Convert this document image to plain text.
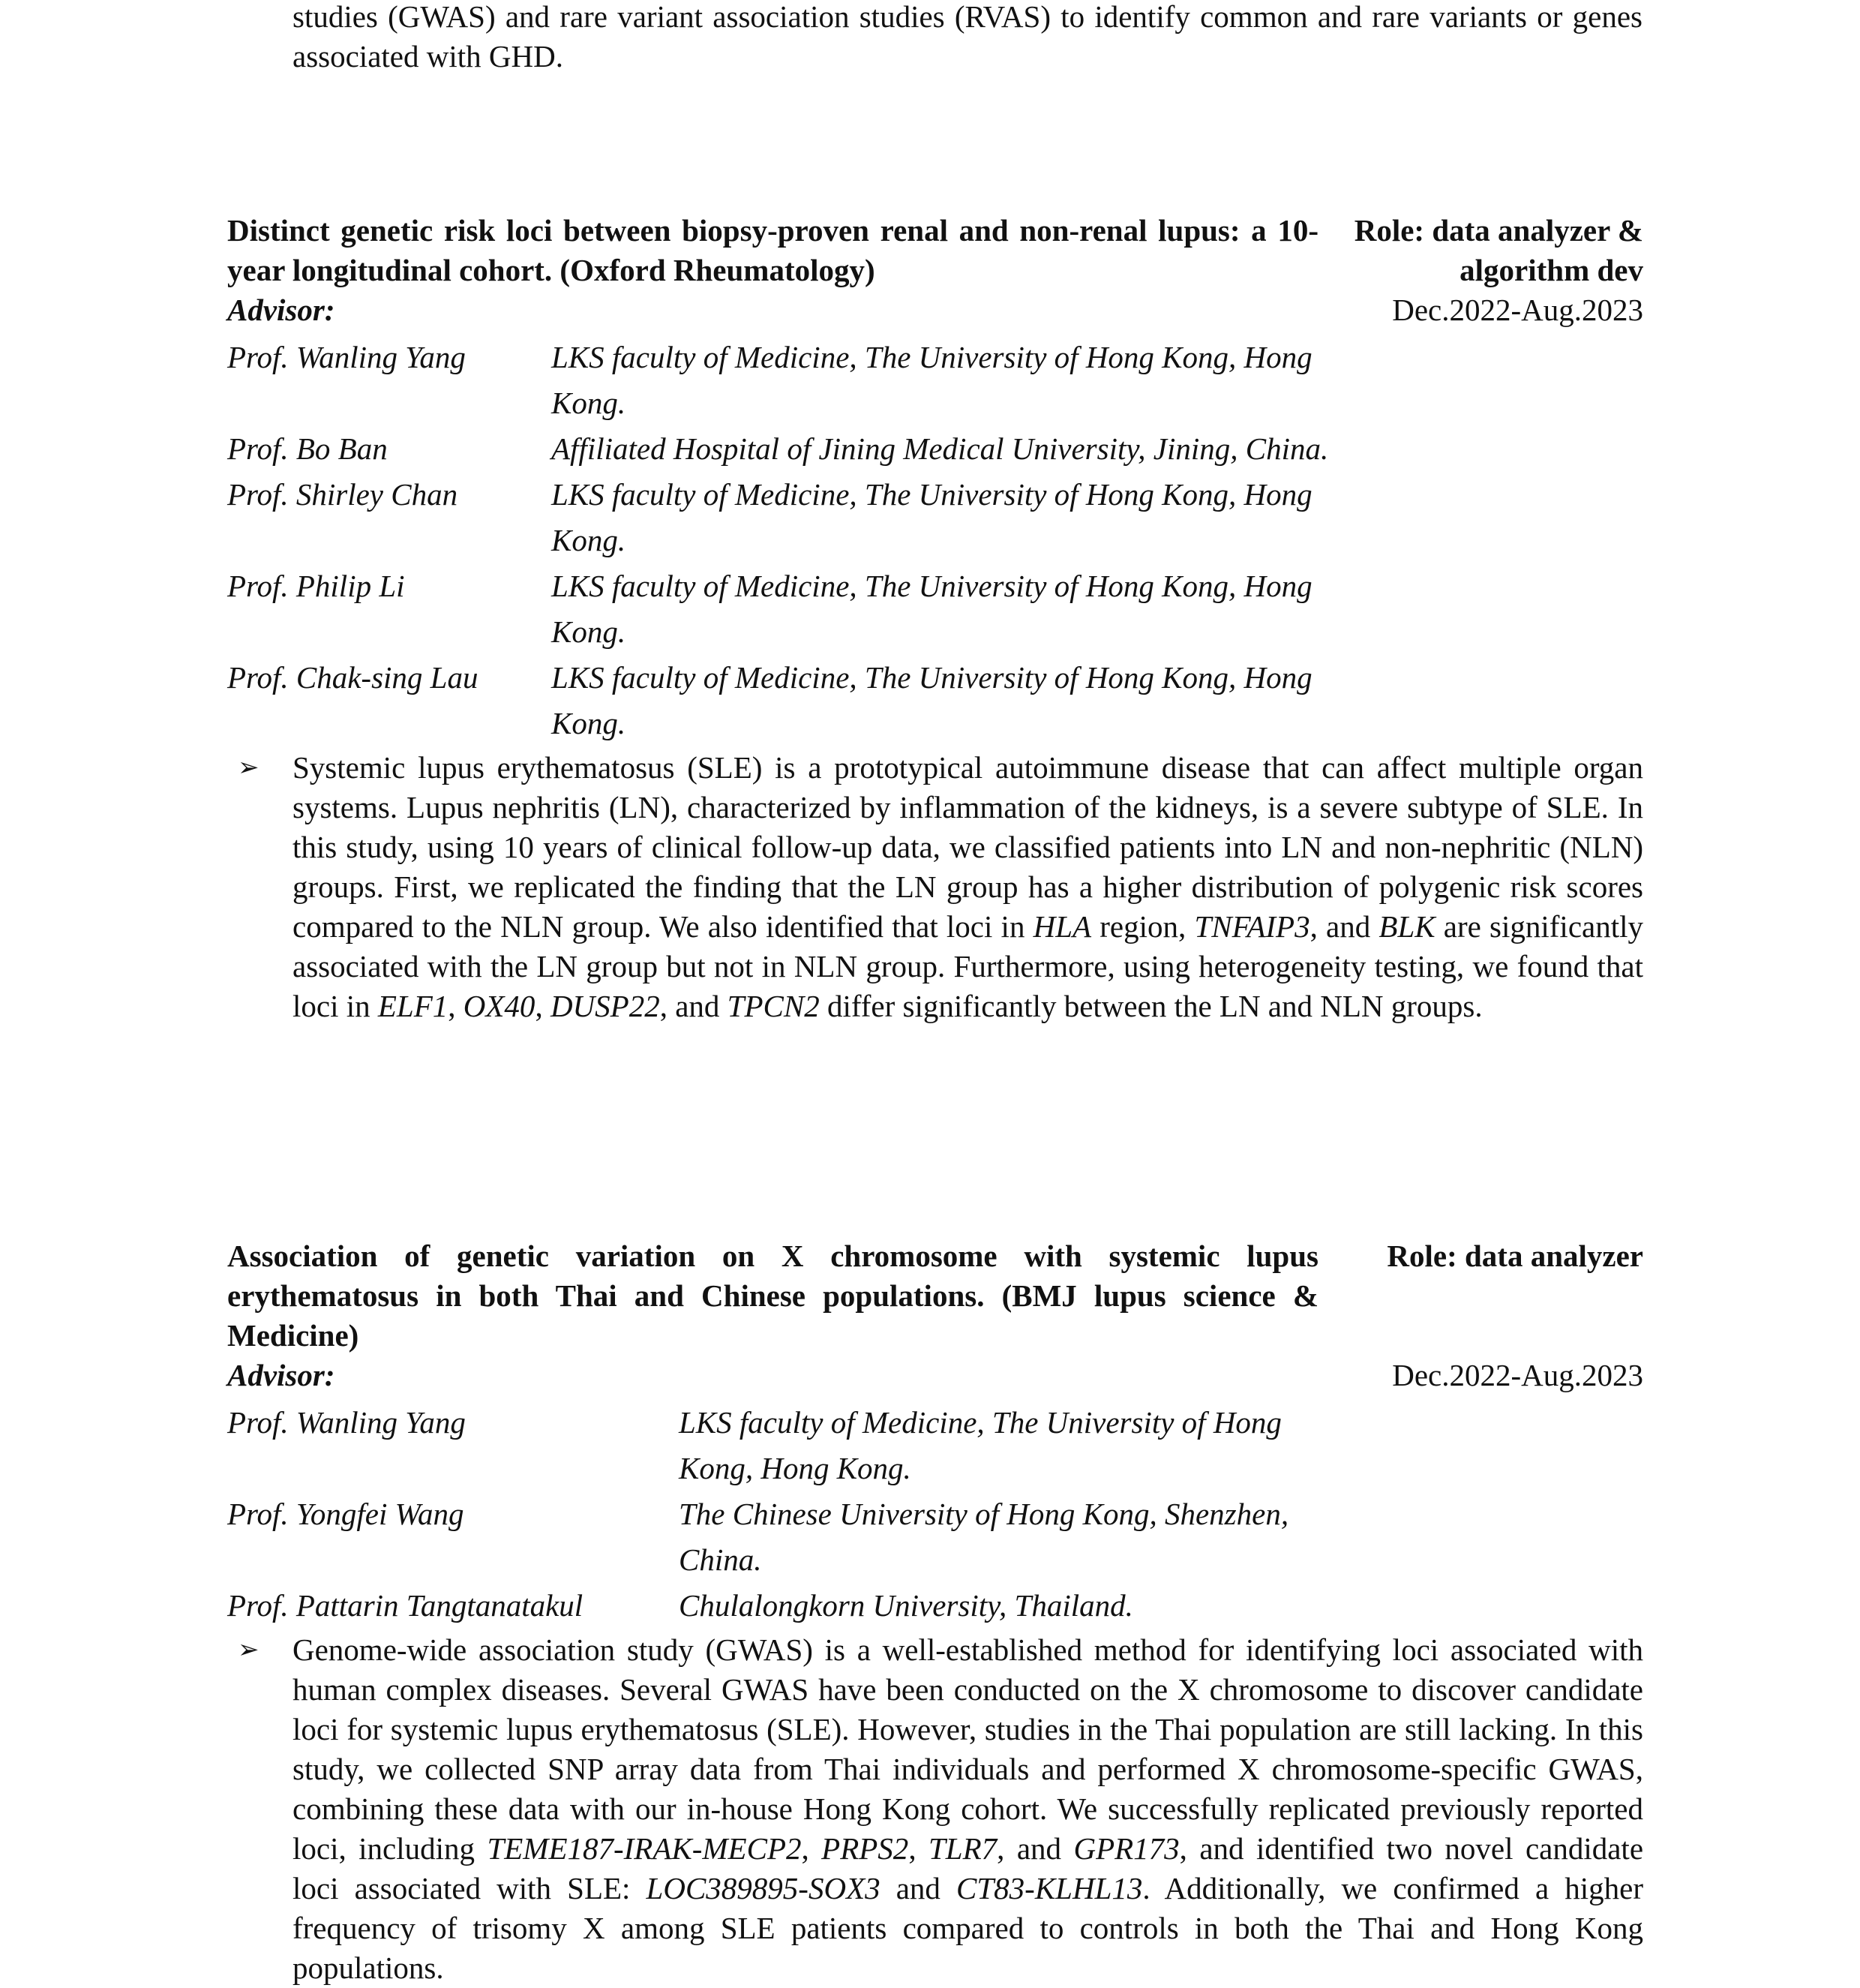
studies (GWAS) and rare variant association studies (RVAS) to identify common and rare variants or genes associated with GHD.

Distinct genetic risk loci between biopsy-proven renal and non-renal lupus: a 10-year longitudinal cohort. (Oxford Rheumatology)

Role: data analyzer & algorithm dev

Advisor:	Dec.2022-Aug.2023

Prof. Wanling Yang	LKS faculty of Medicine, The University of Hong Kong, Hong Kong.
Prof. Bo Ban	Affiliated Hospital of Jining Medical University, Jining, China.
Prof. Shirley Chan	LKS faculty of Medicine, The University of Hong Kong, Hong Kong.
Prof. Philip Li	LKS faculty of Medicine, The University of Hong Kong, Hong Kong.
Prof. Chak-sing Lau	LKS faculty of Medicine, The University of Hong Kong, Hong Kong.
➢	Systemic lupus erythematosus (SLE) is a prototypical autoimmune disease that can affect multiple organ systems. Lupus nephritis (LN), characterized by inflammation of the kidneys, is a severe subtype of SLE. In this study, using 10 years of clinical follow-up data, we classified patients into LN and non-nephritic (NLN) groups. First, we replicated the finding that the LN group has a higher distribution of polygenic risk scores compared to the NLN group. We also identified that loci in HLA region, TNFAIP3, and BLK are significantly associated with the LN group but not in NLN group. Furthermore, using heterogeneity testing, we found that loci in ELF1, OX40, DUSP22, and TPCN2 differ significantly between the LN and NLN groups.

Association of genetic variation on X chromosome with systemic lupus erythematosus in both Thai and Chinese populations. (BMJ lupus science & Medicine)

Role: data analyzer

Advisor:	Dec.2022-Aug.2023

Prof. Wanling Yang	LKS faculty of Medicine, The University of Hong Kong, Hong Kong.
Prof. Yongfei Wang	The Chinese University of Hong Kong, Shenzhen, China.
Prof. Pattarin Tangtanatakul	Chulalongkorn University, Thailand.
➢	Genome-wide association study (GWAS) is a well-established method for identifying loci associated with human complex diseases. Several GWAS have been conducted on the X chromosome to discover candidate loci for systemic lupus erythematosus (SLE). However, studies in the Thai population are still lacking. In this study, we collected SNP array data from Thai individuals and performed X chromosome-specific GWAS, combining these data with our in-house Hong Kong cohort. We successfully replicated previously reported loci, including TEME187-IRAK-MECP2, PRPS2, TLR7, and GPR173, and identified two novel candidate loci associated with SLE: LOC389895-SOX3 and CT83-KLHL13. Additionally, we confirmed a higher frequency of trisomy X among SLE patients compared to controls in both the Thai and Hong Kong populations.
